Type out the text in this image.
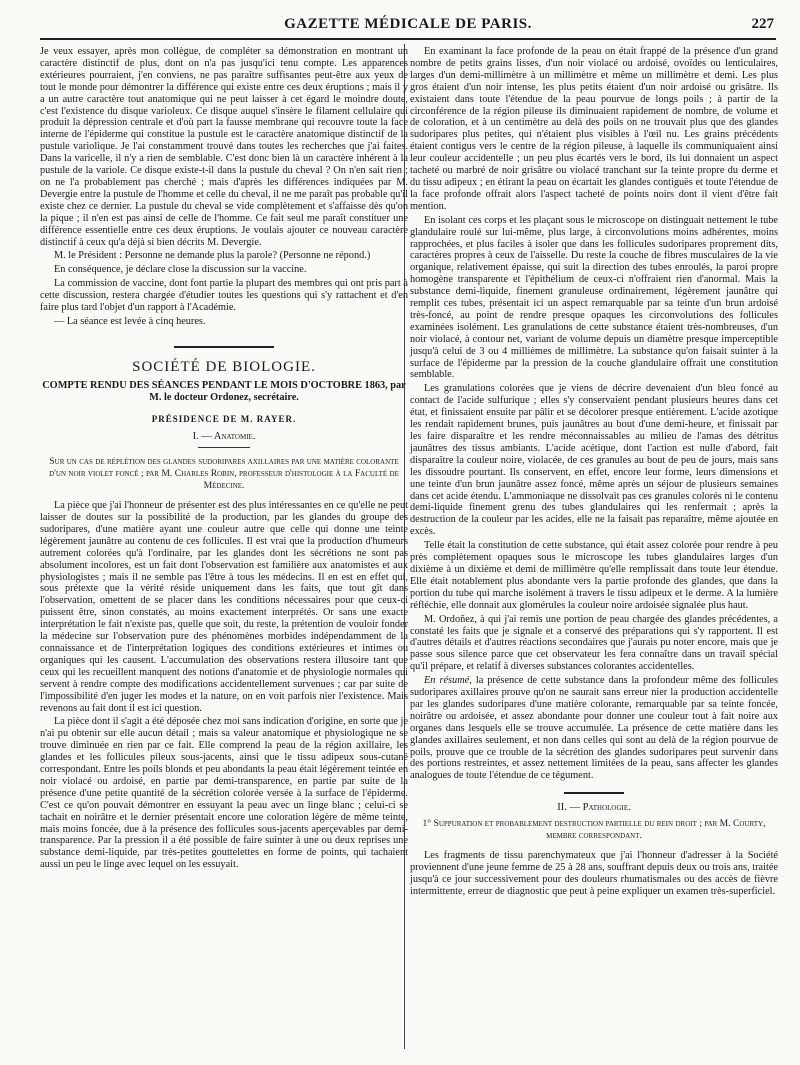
GAZETTE MÉDICALE DE PARIS.	227

Je veux essayer, après mon collègue, de compléter sa démonstration en montrant un caractère distinctif de plus, dont on n'a pas jusqu'ici tenu compte. Les apparences extérieures pourraient, j'en conviens, ne pas paraître suffisantes peut-être aux yeux de tout le monde pour démontrer la différence qui existe entre ces deux éruptions ; mais il y a un autre caractère tout anatomique qui ne peut laisser à cet égard le moindre doute, c'est l'existence du disque varioleux. Ce disque auquel s'insère le filament cellulaire qui produit la dépression centrale et d'où part la fausse membrane qui recouvre toute la face interne de l'épiderme qui constitue la pustule est le caractère anatomique distinctif de la pustule variolique. Je l'ai constamment trouvé dans toutes les recherches que j'ai faites. Dans la varicelle, il n'y a rien de semblable. C'est donc bien là un caractère inhérent à la pustule de la variole. Ce disque existe-t-il dans la pustule du cheval ? On n'en sait rien ; on ne l'a probablement pas cherché ; mais d'après les différences indiquées par M. Devergie entre la pustule de l'homme et celle du cheval, il ne me paraît pas probable qu'il existe chez ce dernier. La pustule du cheval se vide complètement et s'affaisse dès qu'on la pique ; il n'en est pas ainsi de celle de l'homme. Ce fait seul me paraît constituer une différence essentielle entre ces deux éruptions. Je voulais ajouter ce nouveau caractère distinctif à ceux qu'a déjà si bien décrits M. Devergie.

M. le Président : Personne ne demande plus la parole? (Personne ne répond.)

En conséquence, je déclare close la discussion sur la vaccine.

La commission de vaccine, dont font partie la plupart des membres qui ont pris part à cette discussion, restera chargée d'étudier toutes les questions qui s'y rattachent et d'en faire plus tard l'objet d'un rapport à l'Académie.

— La séance est levée à cinq heures.

SOCIÉTÉ DE BIOLOGIE.
COMPTE RENDU DES SÉANCES PENDANT LE MOIS D'OCTOBRE 1863, par M. le docteur Ordonez, secrétaire.
PRÉSIDENCE DE M. RAYER.
I. — Anatomie.
Sur un cas de réplétion des glandes sudoripares axillaires par une matière colorante d'un noir violet foncé ; par M. Charles Robin, professeur d'histologie à la Faculté de Médecine.

La pièce que j'ai l'honneur de présenter est des plus intéressantes en ce qu'elle ne peut laisser de doutes sur la possibilité de la production, par les glandes du groupe des sudoripares, d'une matière ayant une couleur autre que celle qui donne une teinte légèrement jaunâtre au contenu de ces follicules. Il est vrai que la production d'humeurs autrement colorées qu'à l'ordinaire, par les glandes dont les sécrétions ne sont pas absolument incolores, est un fait dont l'observation est familière aux anatomistes et aux physiologistes ; mais il ne semble pas l'être à tous les médecins. Il en est en effet qui, sous prétexte que la vérité réside uniquement dans les faits, que tout gît dans l'observation, omettent de se placer dans les conditions nécessaires pour que ceux-ci puissent être, sinon constatés, au moins exactement interprétés. Or sans une exacte interprétation le fait n'existe pas, quelle que soit, du reste, la prétention de vouloir fonder la médecine sur l'observation pure des phénomènes morbides indépendamment de la connaissance et de l'interprétation logiques des conditions extérieures et intimes ou organiques qui les causent. L'accumulation des observations restera illusoire tant que ceux qui les recueillent manquent des notions d'anatomie et de physiologie normales qui servent à rendre compte des modifications accidentellement survenues ; car par suite de l'impossibilité d'en juger les modes et la nature, on en voit parfois nier l'existence. Mais revenons au fait dont il est ici question.

La pièce dont il s'agit a été déposée chez moi sans indication d'origine, en sorte que je n'ai pu obtenir sur elle aucun détail ; mais sa valeur anatomique et physiologique ne se trouve diminuée en rien par ce fait. Elle comprend la peau de la région axillaire, les glandes et les follicules pileux sous-jacents, ainsi que le tissu adipeux sous-cutané correspondant. Entre les poils blonds et peu abondants la peau était légèrement teintée en noir violacé ou ardoisé, en partie par demi-transparence, en partie par suite de la présence d'une petite quantité de la sécrétion colorée versée à la surface de l'épiderme. C'est ce qu'on pouvait démontrer en essuyant la peau avec un linge blanc ; celui-ci se tachait en noirâtre et le dernier présentait encore une coloration légère de même teinte, mais moins foncée, due à la présence des follicules sous-jacents aperçevables par demi-transparence. Par la pression il a été possible de faire suinter à une ou deux reprises une substance demi-liquide, par très-petites gouttelettes en forme de points, qui tachaient aussi un peu le linge avec lequel on les essuyait.

En examinant la face profonde de la peau on était frappé de la présence d'un grand nombre de petits grains lisses, d'un noir violacé ou ardoisé, ovoïdes ou lenticulaires, larges d'un demi-millimètre à un millimètre et même un millimètre et demi. Les plus gros étaient d'un noir intense, les plus petits étaient d'un noir ardoisé ou grisâtre. Ils existaient dans toute l'étendue de la peau pourvue de longs poils ; à partir de la circonférence de la région pileuse ils diminuaient rapidement de nombre, de volume et de coloration, et à un centimètre au delà des poils on ne trouvait plus que des glandes sudoripares plus petites, qui n'étaient plus visibles à l'œil nu. Les grains précédents étaient contigus vers le centre de la région pileuse, à laquelle ils communiquaient ainsi leur couleur accidentelle ; un peu plus écartés vers le bord, ils lui donnaient un aspect tacheté ou marbré de noir grisâtre ou violacé tranchant sur la teinte propre du derme et du tissu adipeux ; en étirant la peau on écartait les glandes contiguës et toute l'étendue de la face profonde offrait alors l'aspect tacheté de points noirs dont il vient d'être fait mention.

En isolant ces corps et les plaçant sous le microscope on distinguait nettement le tube glandulaire roulé sur lui-même, plus large, à circonvolutions moins adhérentes, moins rapprochées, et plus faciles à isoler que dans les follicules sudoripares proprement dits, caractères propres à ceux de l'aisselle. Du reste la couche de fibres musculaires de la vie organique, relativement épaisse, qui suit la direction des tubes enroulés, la paroi propre homogène transparente et l'épithélium de ceux-ci n'offraient rien d'anormal. Mais la substance demi-liquide, finement granuleuse ordinairement, légèrement jaunâtre qui remplit ces tubes, présentait ici un aspect remarquable par sa teinte d'un brun ardoisé très-foncé, au point de rendre presque opaques les circonvolutions des follicules examinées isolément. Les granulations de cette substance étaient très-nombreuses, d'un noir violacé, à contour net, variant de volume depuis un diamètre presque imperceptible jusqu'à celui de 3 ou 4 millièmes de millimètre. La substance qu'on faisait suinter à la surface de l'épiderme par la pression de la couche glandulaire offrait une constitution semblable.

Les granulations colorées que je viens de décrire devenaient d'un bleu foncé au contact de l'acide sulfurique ; elles s'y conservaient pendant plusieurs heures dans cet état, et finissaient ensuite par pâlir et se décolorer presque entièrement. L'acide azotique les rendait rapidement brunes, puis jaunâtres au bout d'une demi-heure, et finissait par les faire disparaître et les rendre méconnaissables au milieu de l'amas des détritus jaunâtres des tissus ambiants. L'acide acétique, dont l'action est nulle d'abord, fait disparaître la couleur noire, violacée, de ces granules au bout de peu de jours, mais sans les dissoudre pourtant. Ils conservent, en effet, encore leur forme, leurs dimensions et une teinte d'un brun jaunâtre assez foncé, même après un séjour de plusieurs semaines dans cet acide étendu. L'ammoniaque ne dissolvait pas ces granules colorés ni le contenu demi-liquide finement grenu des tubes glandulaires qui les renfermait ; après la destruction de la couleur par les acides, elle ne la faisait pas reparaître, même ajoutée en excès.

Telle était la constitution de cette substance, qui était assez colorée pour rendre à peu près complètement opaques sous le microscope les tubes glandulaires larges d'un dixième à un dixième et demi de millimètre qu'elle remplissait dans toute leur étendue. Elle était notablement plus abondante vers la partie profonde des glandes, que dans la portion du tube qui marche isolément à travers le tissu adipeux et le derme. A la lumière réfléchie, elle donnait aux glomérules la couleur noire ardoisée signalée plus haut.

M. Ordoñez, à qui j'ai remis une portion de peau chargée des glandes précédentes, a constaté les faits que je signale et a conservé des préparations qui s'y rapportent. Il est d'autres détails et d'autres réactions secondaires que j'aurais pu noter encore, mais que je passe sous silence parce que cet observateur les fera connaître dans un travail spécial qu'il prépare, et relatif à diverses substances colorantes accidentelles.

En résumé, la présence de cette substance dans la profondeur même des follicules sudoripares axillaires prouve qu'on ne saurait sans erreur nier la production accidentelle par les glandes sudoripares d'une matière colorante, remarquable par sa teinte foncée, noirâtre ou ardoisée, et assez abondante pour donner une couleur tout à fait noire aux organes dans lesquels elle se trouve accumulée. La présence de cette matière dans les glandes axillaires seulement, et non dans celles qui sont au delà de la région pourvue de poils, prouve que ce trouble de la sécrétion des glandes sudoripares peut survenir dans des portions restreintes, et assez nettement limitées de la peau, sans affecter les glandes analogues de toute l'étendue de ce tégument.

II. — Pathologie.
1° Suppuration et probablement destruction partielle du rein droit ; par M. Courty, membre correspondant.

Les fragments de tissu parenchymateux que j'ai l'honneur d'adresser à la Société proviennent d'une jeune femme de 25 à 28 ans, souffrant depuis deux ou trois ans, traitée jusqu'à ce jour successivement pour des douleurs rhumatismales ou des accès de fièvre intermittente, erreur de diagnostic que peut à peine expliquer un examen très-superficiel.
